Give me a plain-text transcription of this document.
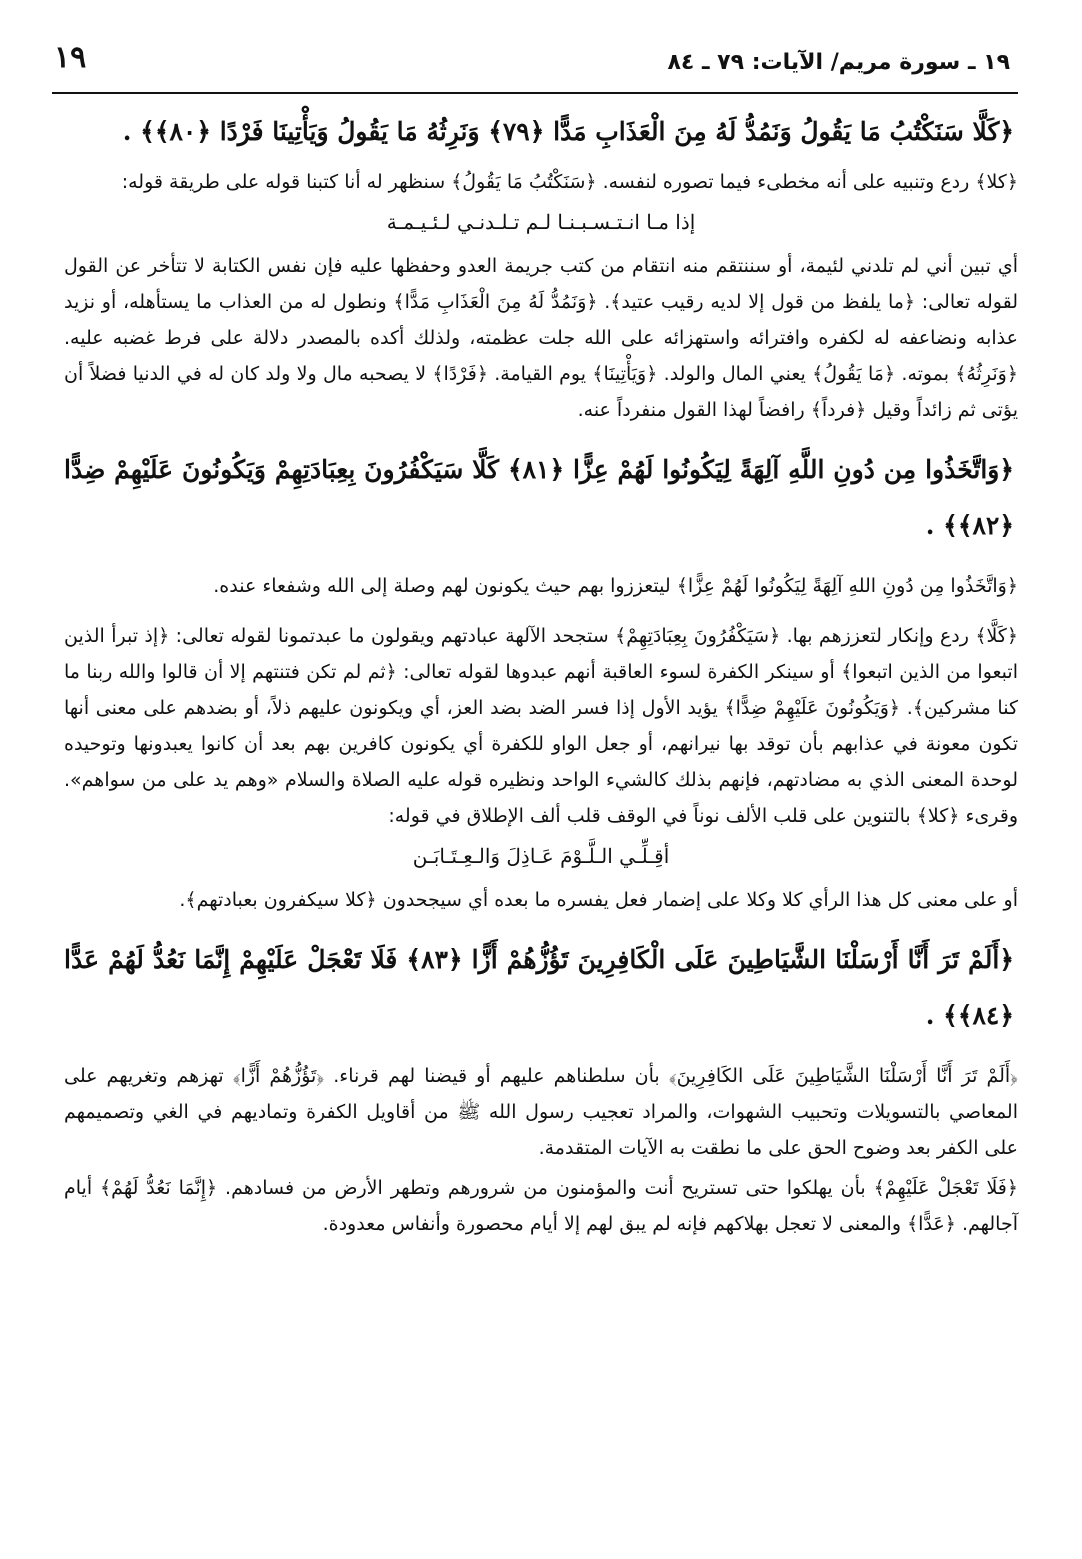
١٩	١٩ ـ سورة مريم/ الآيات: ٧٩ ـ ٨٤

﴿كَلَّا سَنَكْتُبُ مَا يَقُولُ وَنَمُدُّ لَهُ مِنَ الْعَذَابِ مَدًّا ﴿٧٩﴾ وَنَرِثُهُ مَا يَقُولُ وَيَأْتِينَا فَرْدًا ﴿٨٠﴾﴾ .

﴿كلا﴾ ردع وتنبيه على أنه مخطىء فيما تصوره لنفسه. ﴿سَنَكْتُبُ مَا يَقُولُ﴾ سنظهر له أنا كتبنا قوله على طريقة قوله:

إذا مـا انـتـسـبـنـا لـم تـلـدنـي لـئـيـمـة

أي تبين أني لم تلدني لئيمة، أو سننتقم منه انتقام من كتب جريمة العدو وحفظها عليه فإن نفس الكتابة لا تتأخر عن القول لقوله تعالى: ﴿ما يلفظ من قول إلا لديه رقيب عتيد﴾. ﴿وَنَمُدُّ لَهُ مِنَ الْعَذَابِ مَدًّا﴾ ونطول له من العذاب ما يستأهله، أو نزيد عذابه ونضاعفه له لكفره وافترائه واستهزائه على الله جلت عظمته، ولذلك أكده بالمصدر دلالة على فرط غضبه عليه. ﴿وَنَرِثُهُ﴾ بموته. ﴿مَا يَقُولُ﴾ يعني المال والولد. ﴿وَيَأْتِينَا﴾ يوم القيامة. ﴿فَرْدًا﴾ لا يصحبه مال ولا ولد كان له في الدنيا فضلاً أن يؤتى ثم زائداً وقيل ﴿فرداً﴾ رافضاً لهذا القول منفرداً عنه.

﴿وَاتَّخَذُوا مِن دُونِ اللَّهِ آلِهَةً لِيَكُونُوا لَهُمْ عِزًّا ﴿٨١﴾ كَلَّا سَيَكْفُرُونَ بِعِبَادَتِهِمْ وَيَكُونُونَ عَلَيْهِمْ ضِدًّا ﴿٨٢﴾﴾ .

﴿وَاتَّخَذُوا مِن دُونِ اللهِ آلِهَةً لِيَكُونُوا لَهُمْ عِزًّا﴾ ليتعززوا بهم حيث يكونون لهم وصلة إلى الله وشفعاء عنده.

﴿كَلَّا﴾ ردع وإنكار لتعززهم بها. ﴿سَيَكْفُرُونَ بِعِبَادَتِهِمْ﴾ ستجحد الآلهة عبادتهم ويقولون ما عبدتمونا لقوله تعالى: ﴿إذ تبرأ الذين اتبعوا من الذين اتبعوا﴾ أو سينكر الكفرة لسوء العاقبة أنهم عبدوها لقوله تعالى: ﴿ثم لم تكن فتنتهم إلا أن قالوا والله ربنا ما كنا مشركين﴾. ﴿وَيَكُونُونَ عَلَيْهِمْ ضِدًّا﴾ يؤيد الأول إذا فسر الضد بضد العز، أي ويكونون عليهم ذلاً، أو بضدهم على معنى أنها تكون معونة في عذابهم بأن توقد بها نيرانهم، أو جعل الواو للكفرة أي يكونون كافرين بهم بعد أن كانوا يعبدونها وتوحيده لوحدة المعنى الذي به مضادتهم، فإنهم بذلك كالشيء الواحد ونظيره قوله عليه الصلاة والسلام «وهم يد على من سواهم». وقرىء ﴿كلا﴾ بالتنوين على قلب الألف نوناً في الوقف قلب ألف الإطلاق في قوله:

أقِـلِّـي الـلَّـوْمَ عَـاذِلَ وَالـعِـتَـابَـن

أو على معنى كل هذا الرأي كلا وكلا على إضمار فعل يفسره ما بعده أي سيجحدون ﴿كلا سيكفرون بعبادتهم﴾.

﴿أَلَمْ تَرَ أَنَّا أَرْسَلْنَا الشَّيَاطِينَ عَلَى الْكَافِرِينَ تَؤُزُّهُمْ أَزًّا ﴿٨٣﴾ فَلَا تَعْجَلْ عَلَيْهِمْ إِنَّمَا نَعُدُّ لَهُمْ عَدًّا ﴿٨٤﴾﴾ .

﴿أَلَمْ تَرَ أَنَّا أَرْسَلْنَا الشَّيَاطِينَ عَلَى الكَافِرِينَ﴾ بأن سلطناهم عليهم أو قيضنا لهم قرناء. ﴿تَؤُزُّهُمْ أَزًّا﴾ تهزهم وتغريهم على المعاصي بالتسويلات وتحبيب الشهوات، والمراد تعجيب رسول الله ﷺ من أقاويل الكفرة وتماديهم في الغي وتصميمهم على الكفر بعد وضوح الحق على ما نطقت به الآيات المتقدمة.

﴿فَلَا تَعْجَلْ عَلَيْهِمْ﴾ بأن يهلكوا حتى تستريح أنت والمؤمنون من شرورهم وتطهر الأرض من فسادهم. ﴿إِنَّمَا نَعُدُّ لَهُمْ﴾ أيام آجالهم. ﴿عَدًّا﴾ والمعنى لا تعجل بهلاكهم فإنه لم يبق لهم إلا أيام محصورة وأنفاس معدودة.
